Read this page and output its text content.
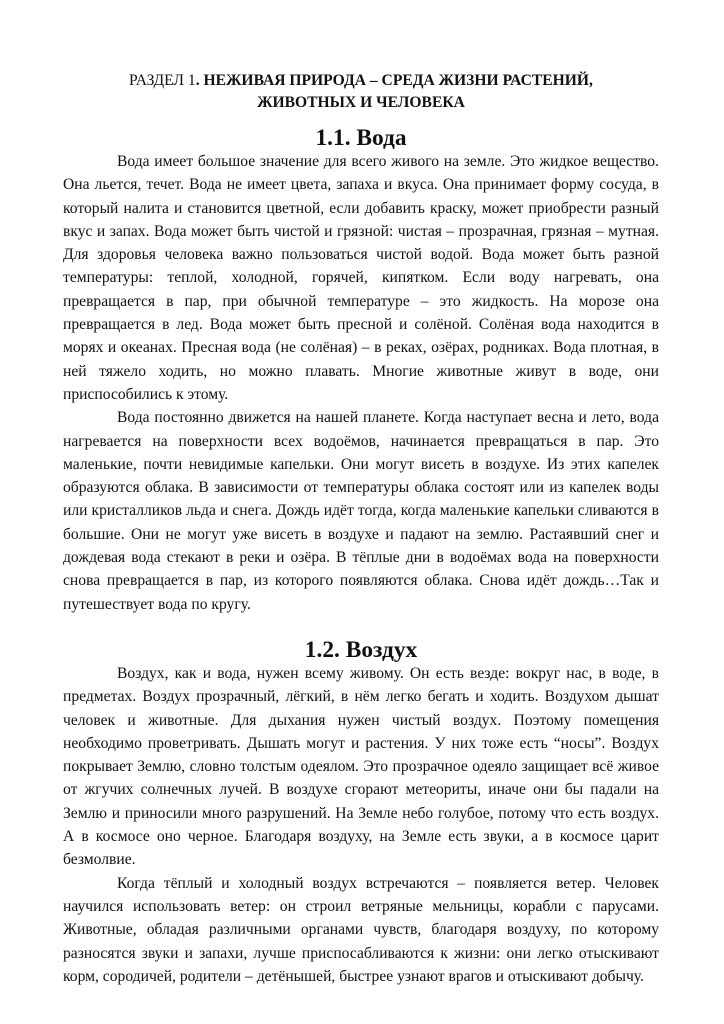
РАЗДЕЛ 1. НЕЖИВАЯ ПРИРОДА – СРЕДА ЖИЗНИ РАСТЕНИЙ,
ЖИВОТНЫХ И ЧЕЛОВЕКА
1.1. Вода

Вода имеет большое значение для всего живого на земле. Это жидкое вещество. Она льется, течет. Вода не имеет цвета, запаха и вкуса. Она принимает форму сосуда, в который налита и становится цветной, если добавить краску, может приобрести разный вкус и запах. Вода может быть чистой и грязной: чистая – прозрачная, грязная – мутная. Для здоровья человека важно пользоваться чистой водой. Вода может быть разной температуры: теплой, холодной, горячей, кипятком. Если воду нагревать, она превращается в пар, при обычной температуре – это жидкость. На морозе она превращается в лед. Вода может быть пресной и солёной. Солёная вода находится в морях и океанах. Пресная вода (не солёная) – в реках, озёрах, родниках. Вода плотная, в ней тяжело ходить, но можно плавать. Многие животные живут в воде, они приспособились к этому.

Вода постоянно движется на нашей планете. Когда наступает весна и лето, вода нагревается на поверхности всех водоёмов, начинается превращаться в пар. Это маленькие, почти невидимые капельки. Они могут висеть в воздухе. Из этих капелек образуются облака. В зависимости от температуры облака состоят или из капелек воды или кристалликов льда и снега. Дождь идёт тогда, когда маленькие капельки сливаются в большие. Они не могут уже висеть в воздухе и падают на землю. Растаявший снег и дождевая вода стекают в реки и озёра. В тёплые дни в водоёмах вода на поверхности снова превращается в пар, из которого появляются облака. Снова идёт дождь…Так и путешествует вода по кругу.

1.2. Воздух

Воздух, как и вода, нужен всему живому. Он есть везде: вокруг нас, в воде, в предметах. Воздух прозрачный, лёгкий, в нём легко бегать и ходить. Воздухом дышат человек и животные. Для дыхания нужен чистый воздух. Поэтому помещения необходимо проветривать. Дышать могут и растения. У них тоже есть “носы”. Воздух покрывает Землю, словно толстым одеялом. Это прозрачное одеяло защищает всё живое от жгучих солнечных лучей. В воздухе сгорают метеориты, иначе они бы падали на Землю и приносили много разрушений. На Земле небо голубое, потому что есть воздух. А в космосе оно черное. Благодаря воздуху, на Земле есть звуки, а в космосе царит безмолвие.

Когда тёплый и холодный воздух встречаются – появляется ветер. Человек научился использовать ветер: он строил ветряные мельницы, корабли с парусами. Животные, обладая различными органами чувств, благодаря воздуху, по которому разносятся звуки и запахи, лучше приспосабливаются к жизни: они легко отыскивают корм, сородичей, родители – детёнышей, быстрее узнают врагов и отыскивают добычу.
